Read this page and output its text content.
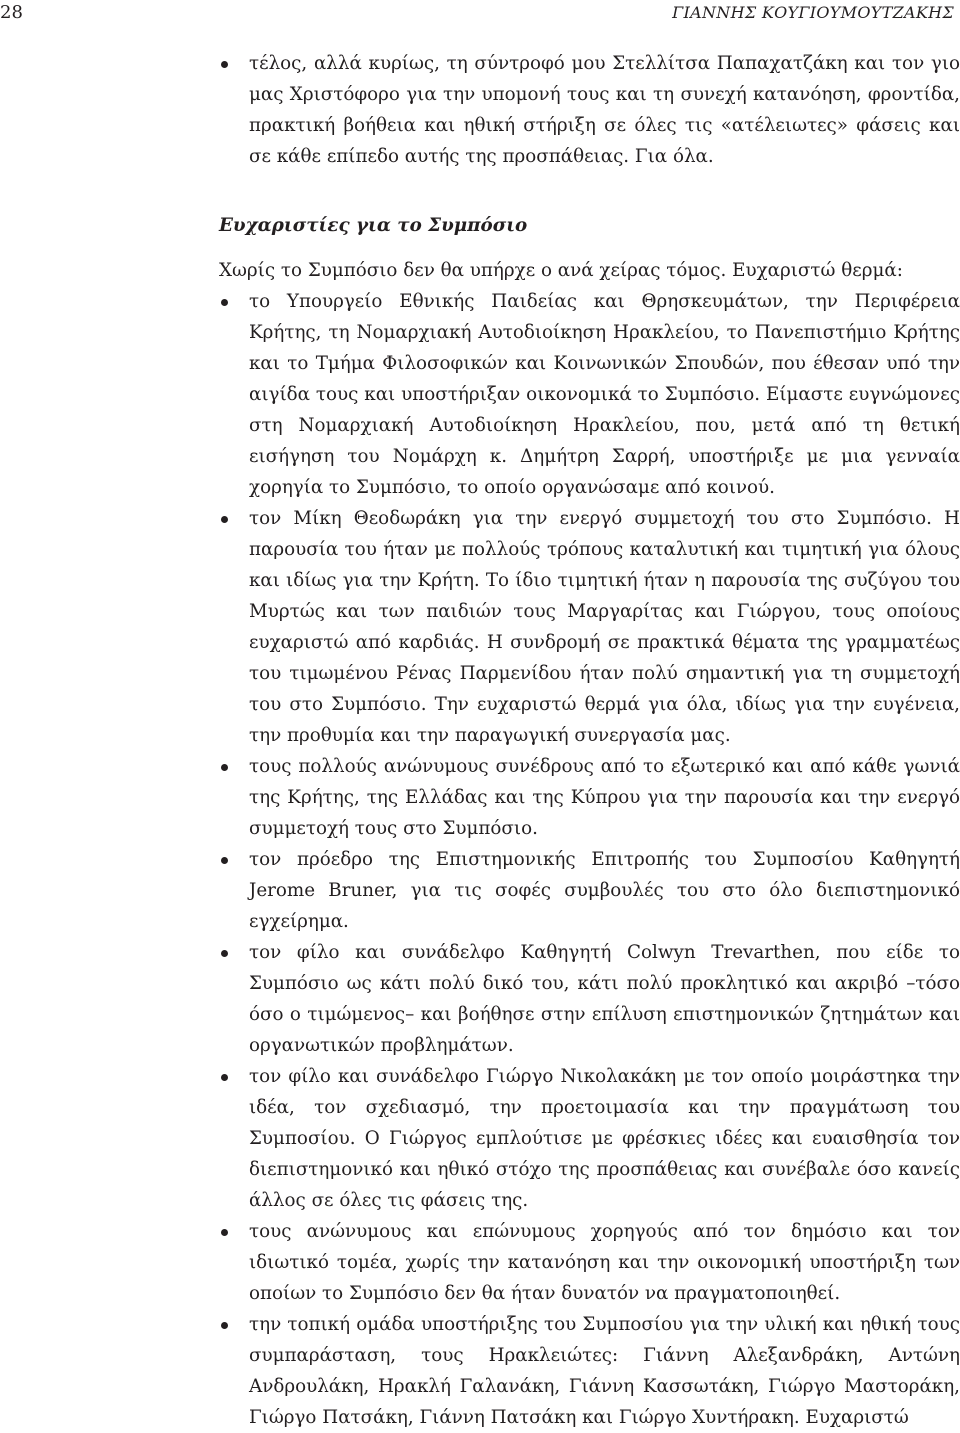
28	ΓΙΑΝΝΗΣ ΚΟΥΓΙΟΥΜΟΥΤΖΑΚΗΣ
τέλος, αλλά κυρίως, τη σύντροφό μου Στελλίτσα Παπαχατζάκη και τον γιο μας Χριστόφορο για την υπομονή τους και τη συνεχή κατανόηση, φροντίδα, πρακτική βοήθεια και ηθική στήριξη σε όλες τις «ατέλειωτες» φάσεις και σε κάθε επίπεδο αυτής της προσπάθειας. Για όλα.
Ευχαριστίες για το Συμπόσιο

Χωρίς το Συμπόσιο δεν θα υπήρχε ο ανά χείρας τόμος. Ευχαριστώ θερμά:

το Υπουργείο Εθνικής Παιδείας και Θρησκευμάτων, την Περιφέρεια Κρήτης, τη Νομαρχιακή Αυτοδιοίκηση Ηρακλείου, το Πανεπιστήμιο Κρήτης και το Τμήμα Φιλοσοφικών και Κοινωνικών Σπουδών, που έθεσαν υπό την αιγίδα τους και υποστήριξαν οικονομικά το Συμπόσιο. Είμαστε ευγνώμονες στη Νομαρχιακή Αυτοδιοίκηση Ηρακλείου, που, μετά από τη θετική εισήγηση του Νομάρχη κ. Δημήτρη Σαρρή, υποστήριξε με μια γενναία χορηγία το Συμπόσιο, το οποίο οργανώσαμε από κοινού.
τον Μίκη Θεοδωράκη για την ενεργό συμμετοχή του στο Συμπόσιο. Η παρουσία του ήταν με πολλούς τρόπους καταλυτική και τιμητική για όλους και ιδίως για την Κρήτη. Το ίδιο τιμητική ήταν η παρουσία της συζύγου του Μυρτώς και των παιδιών τους Μαργαρίτας και Γιώργου, τους οποίους ευχαριστώ από καρδιάς. Η συνδρομή σε πρακτικά θέματα της γραμματέως του τιμωμένου Ρένας Παρμενίδου ήταν πολύ σημαντική για τη συμμετοχή του στο Συμπόσιο. Την ευχαριστώ θερμά για όλα, ιδίως για την ευγένεια, την προθυμία και την παραγωγική συνεργασία μας.
τους πολλούς ανώνυμους συνέδρους από το εξωτερικό και από κάθε γωνιά της Κρήτης, της Ελλάδας και της Κύπρου για την παρουσία και την ενεργό συμμετοχή τους στο Συμπόσιο.
τον πρόεδρο της Επιστημονικής Επιτροπής του Συμποσίου Καθηγητή Jerome Bruner, για τις σοφές συμβουλές του στο όλο διεπιστημονικό εγχείρημα.
τον φίλο και συνάδελφο Καθηγητή Colwyn Trevarthen, που είδε το Συμπόσιο ως κάτι πολύ δικό του, κάτι πολύ προκλητικό και ακριβό –τόσο όσο ο τιμώμενος– και βοήθησε στην επίλυση επιστημονικών ζητημάτων και οργανωτικών προβλημάτων.
τον φίλο και συνάδελφο Γιώργο Νικολακάκη με τον οποίο μοιράστηκα την ιδέα, τον σχεδιασμό, την προετοιμασία και την πραγμάτωση του Συμποσίου. Ο Γιώργος εμπλούτισε με φρέσκιες ιδέες και ευαισθησία τον διεπιστημονικό και ηθικό στόχο της προσπάθειας και συνέβαλε όσο κανείς άλλος σε όλες τις φάσεις της.
τους ανώνυμους και επώνυμους χορηγούς από τον δημόσιο και τον ιδιωτικό τομέα, χωρίς την κατανόηση και την οικονομική υποστήριξη των οποίων το Συμπόσιο δεν θα ήταν δυνατόν να πραγματοποιηθεί.
την τοπική ομάδα υποστήριξης του Συμποσίου για την υλική και ηθική τους συμπαράσταση, τους Ηρακλειώτες: Γιάννη Αλεξανδράκη, Αντώνη Ανδρουλάκη, Ηρακλή Γαλανάκη, Γιάννη Κασσωτάκη, Γιώργο Μαστοράκη, Γιώργο Πατσάκη, Γιάννη Πατσάκη και Γιώργο Χυντήρακη. Ευχαριστώ
